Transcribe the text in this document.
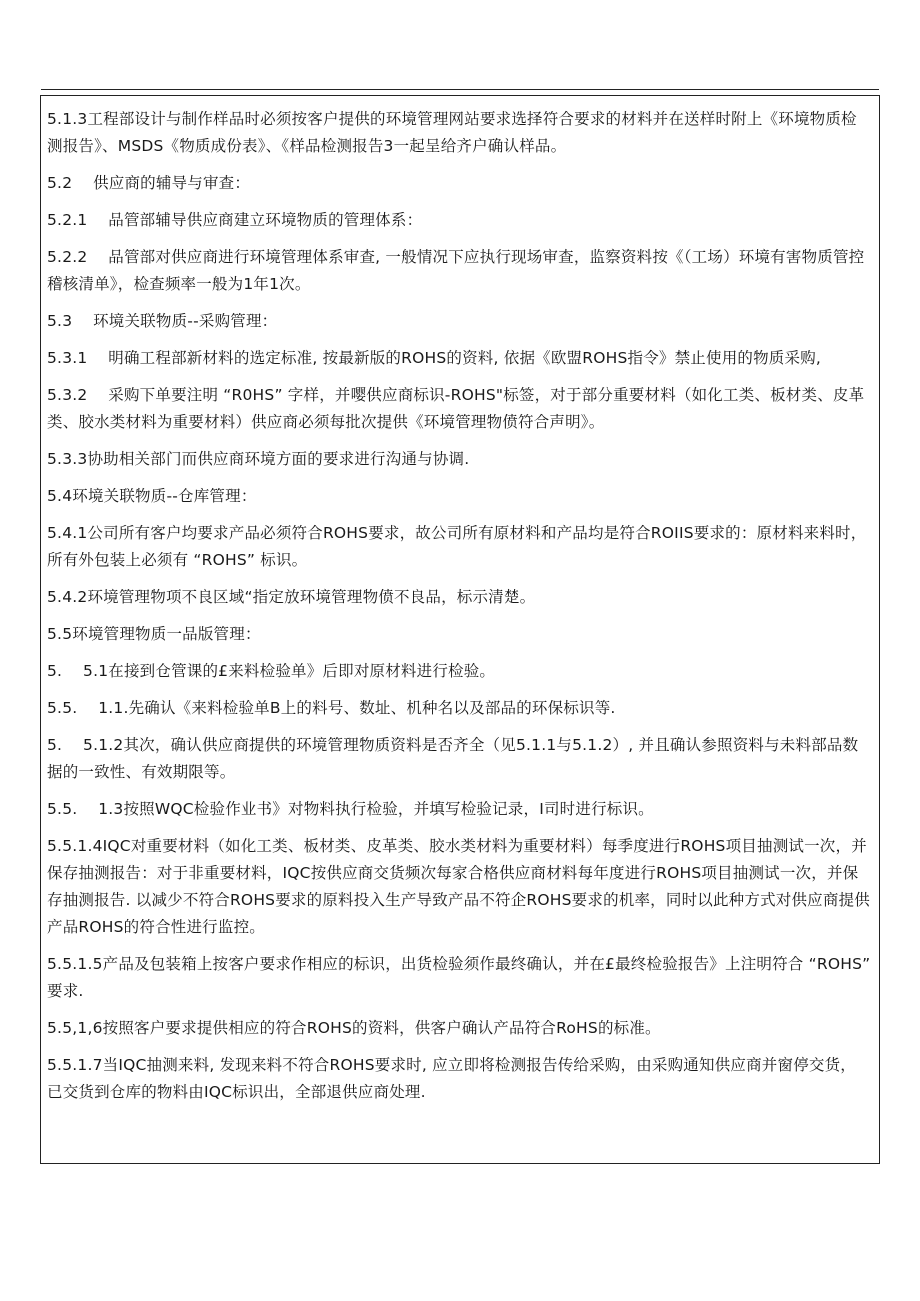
5.1.3工程部设计与制作样品时必须按客户提供的环境管理网站要求选择符合要求的材料并在送样时附上《环境物质检测报告》、MSDS《物质成份表》、《样品检测报告3一起呈给齐户确认样品。

5.2  供应商的辅导与审查：

5.2.1  品管部辅导供应商建立环境物质的管理体系：

5.2.2  品管部对供应商进行环境管理体系审查, 一般情况下应执行现场审查，监察资料按《（工场）环境有害物质管控稽核清单》，检查频率一般为1年1次。

5.3  环境关联物质--采购管理：

5.3.1  明确工程部新材料的选定标准, 按最新版的ROHS的资料, 依据《欧盟ROHS指令》禁止使用的物质采购,

5.3.2  采购下单要注明 “R0HS” 字样，并嘤供应商标识-ROHS"标签，对于部分重要材料（如化工类、板材类、皮革类、胶水类材料为重要材料）供应商必须每批次提供《环境管理物偾符合声明》。

5.3.3协助相关部门而供应商环境方面的要求进行沟通与协调.

5.4环境关联物质--仓库管理：

5.4.1公司所有客户均要求产品必须符合ROHS要求，故公司所有原材料和产品均是符合ROIIS要求的：原材料来料时，所有外包装上必须有 “ROHS” 标识。

5.4.2环境管理物项不良区域“指定放环境管理物偾不良品，标示清楚。

5.5环境管理物质一品版管理：

5.  5.1在接到仓管课的£来料检验单》后即对原材料进行检验。

5.5.  1.1.先确认《来料检验单B上的料号、数址、机种名以及部品的环保标识等.

5.  5.1.2其次，确认供应商提供的环境管理物质资料是否齐全（见5.1.1与5.1.2）, 并且确认参照资料与未料部品数据的一致性、有效期限等。

5.5.  1.3按照WQC检验作业书》对物料执行检验，并填写检验记录，I司时进行标识。

5.5.1.4IQC对重要材料（如化工类、板材类、皮革类、胶水类材料为重要材料）每季度进行ROHS项目抽测试一次，并保存抽测报告：对于非重要材料，IQC按供应商交货频次每家合格供应商材料每年度进行ROHS项目抽测试一次，并保存抽测报告. 以减少不符合ROHS要求的原料投入生产导致产品不符企ROHS要求的机率，同时以此种方式对供应商提供产品ROHS的符合性进行监控。

5.5.1.5产品及包装箱上按客户要求作相应的标识，出货检验须作最终确认，并在£最终检验报告》上注明符合 “ROHS” 要求.

5.5,1,6按照客户要求提供相应的符合ROHS的资料，供客户确认产品符合RoHS的标准。

5.5.1.7当IQC抽测来料, 发现来料不符合ROHS要求时, 应立即将检测报告传给采购，由采购通知供应商并窗停交货，已交货到仓库的物料由IQC标识出，全部退供应商处理.
